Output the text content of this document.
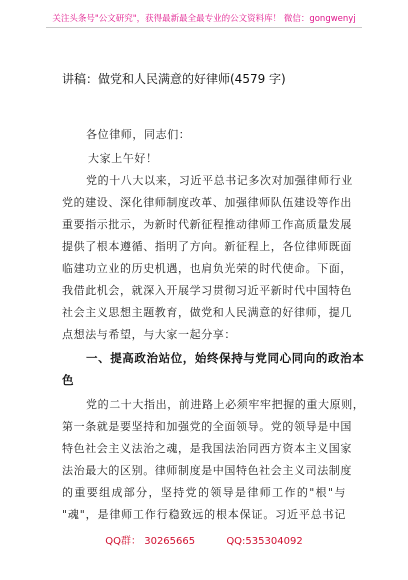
关注头条号"公文研究"，获得最新最全最专业的公文资料库！ 微信：gongwenyj
讲稿：做党和人民满意的好律师(4579 字)
各位律师，同志们：
大家上午好！
党的十八大以来，习近平总书记多次对加强律师行业
党的建设、深化律师制度改革、加强律师队伍建设等作出
重要指示批示，为新时代新征程推动律师工作高质量发展
提供了根本遵循、指明了方向。新征程上，各位律师既面
临建功立业的历史机遇，也肩负光荣的时代使命。下面，
我借此机会，就深入开展学习贯彻习近平新时代中国特色
社会主义思想主题教育，做党和人民满意的好律师，提几
点想法与希望，与大家一起分享：
一、提高政治站位，始终保持与党同心同向的政治本
色
党的二十大指出，前进路上必须牢牢把握的重大原则，
第一条就是要坚持和加强党的全面领导。党的领导是中国
特色社会主义法治之魂，是我国法治同西方资本主义国家
法治最大的区别。律师制度是中国特色社会主义司法制度
的重要组成部分，坚持党的领导是律师工作的"根"与
"魂"，是律师工作行稳致远的根本保证。习近平总书记
QQ群： 30265665	QQ:535304092
